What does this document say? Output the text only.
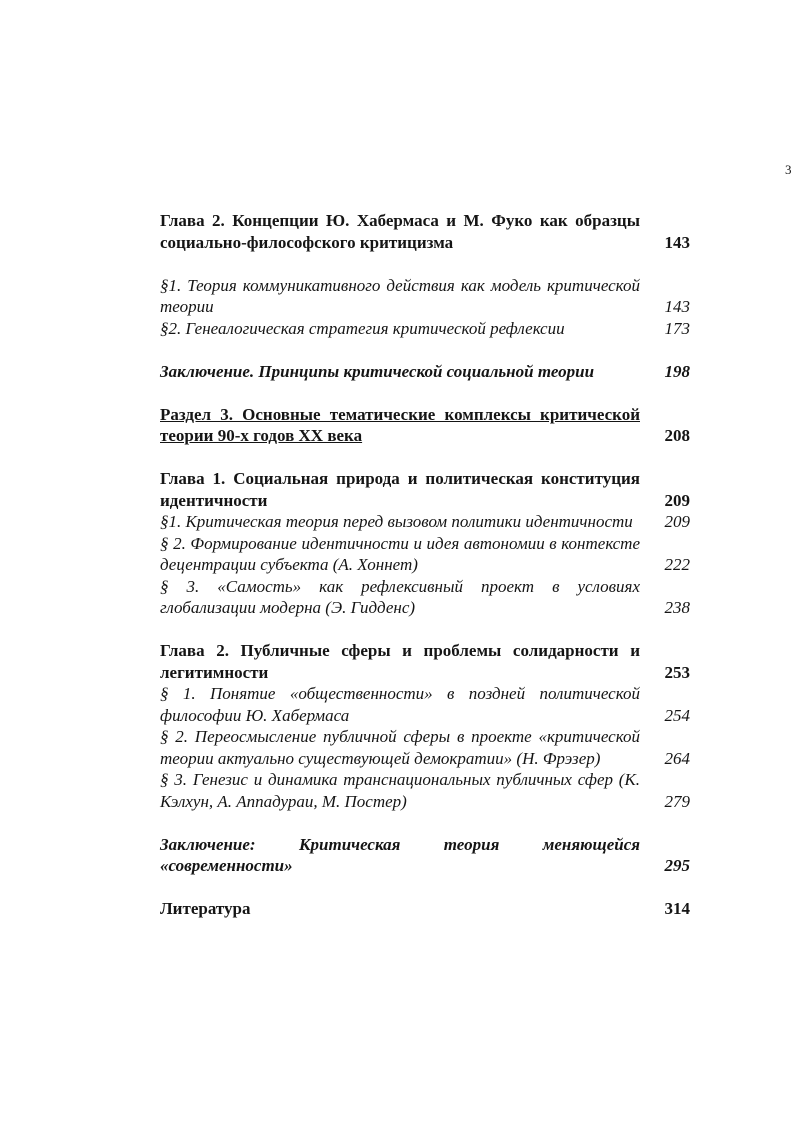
3
Глава 2. Концепции Ю. Хабермаса и М. Фуко как образцы социально-философского критицизма	143
§1. Теория коммуникативного действия как модель критической теории	143
§2. Генеалогическая стратегия критической рефлексии	173
Заключение. Принципы критической социальной теории	198
Раздел 3. Основные тематические комплексы критической теории 90-х годов XX века	208
Глава 1. Социальная природа и политическая конституция идентичности	209
§1. Критическая теория перед вызовом политики идентичности	209
§ 2. Формирование идентичности и идея автономии в контексте децентрации субъекта (А. Хоннет)	222
§ 3. «Самость» как рефлексивный проект в условиях глобализации модерна (Э. Гидденс)	238
Глава 2. Публичные сферы и проблемы солидарности и легитимности	253
§ 1. Понятие «общественности» в поздней политической философии Ю. Хабермаса	254
§ 2. Переосмысление публичной сферы в проекте «критической теории актуально существующей демократии» (Н. Фрэзер)	264
§ 3. Генезис и динамика транснациональных публичных сфер (К. Кэлхун, А. Аппадураи, М. Постер)	279
Заключение: Критическая теория меняющейся «современности»	295
Литература	314
